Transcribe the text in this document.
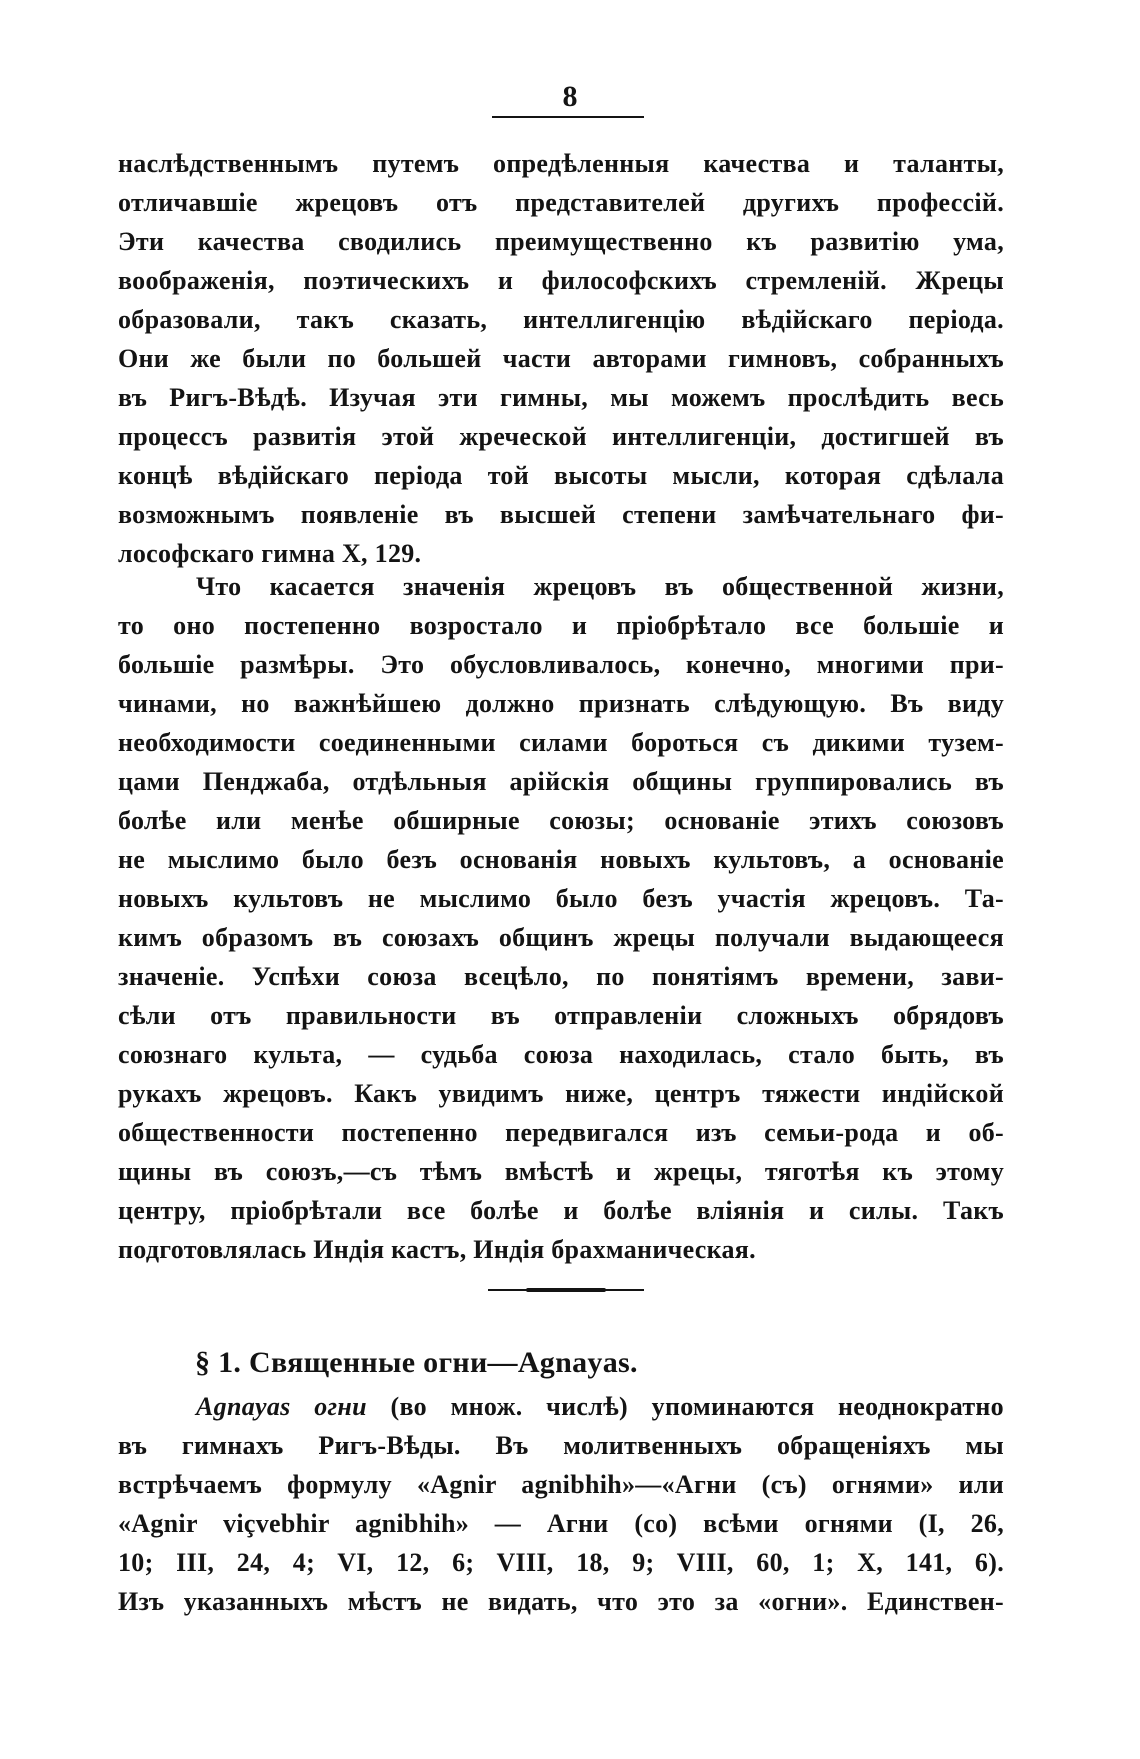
8
наслѣдственнымъ путемъ опредѣленныя качества и таланты,
отличавшіе жрецовъ отъ представителей другихъ профессій.
Эти качества сводились преимущественно къ развитію ума,
воображенія, поэтическихъ и философскихъ стремленій. Жрецы
образовали, такъ сказать, интеллигенцію вѣдійскаго періода.
Они же были по большей части авторами гимновъ, собранныхъ
въ Ригъ-Вѣдѣ. Изучая эти гимны, мы можемъ прослѣдить весь
процессъ развитія этой жреческой интеллигенціи, достигшей въ
концѣ вѣдійскаго періода той высоты мысли, которая сдѣлала
возможнымъ появленіе въ высшей степени замѣчательнаго фи-
лософскаго гимна X, 129.
Что касается значенія жрецовъ въ общественной жизни,
то оно постепенно возростало и пріобрѣтало все большіе и
большіе размѣры. Это обусловливалось, конечно, многими при-
чинами, но важнѣйшею должно признать слѣдующую. Въ виду
необходимости соединенными силами бороться съ дикими тузем-
цами Пенджаба, отдѣльныя арійскія общины группировались въ
болѣе или менѣе обширные союзы; основаніе этихъ союзовъ
не мыслимо было безъ основанія новыхъ культовъ, а основаніе
новыхъ культовъ не мыслимо было безъ участія жрецовъ. Та-
кимъ образомъ въ союзахъ общинъ жрецы получали выдающееся
значеніе. Успѣхи союза всецѣло, по понятіямъ времени, зави-
сѣли отъ правильности въ отправленіи сложныхъ обрядовъ
союзнаго культа, — судьба союза находилась, стало быть, въ
рукахъ жрецовъ. Какъ увидимъ ниже, центръ тяжести индійской
общественности постепенно передвигался изъ семьи-рода и об-
щины въ союзъ,—съ тѣмъ вмѣстѣ и жрецы, тяготѣя къ этому
центру, пріобрѣтали все болѣе и болѣе вліянія и силы. Такъ
подготовлялась Индія кастъ, Индія брахманическая.
§ 1. Священные огни—Agnayas.
Agnayas огни (во множ. числѣ) упоминаются неоднократно
въ гимнахъ Ригъ-Вѣды. Въ молитвенныхъ обращеніяхъ мы
встрѣчаемъ формулу «Agnir agnibhih»—«Агни (съ) огнями» или
«Agnir viçvebhir agnibhih» — Агни (со) всѣми огнями (I, 26,
10; III, 24, 4; VI, 12, 6; VIII, 18, 9; VIII, 60, 1; X, 141, 6).
Изъ указанныхъ мѣстъ не видать, что это за «огни». Единствен-
